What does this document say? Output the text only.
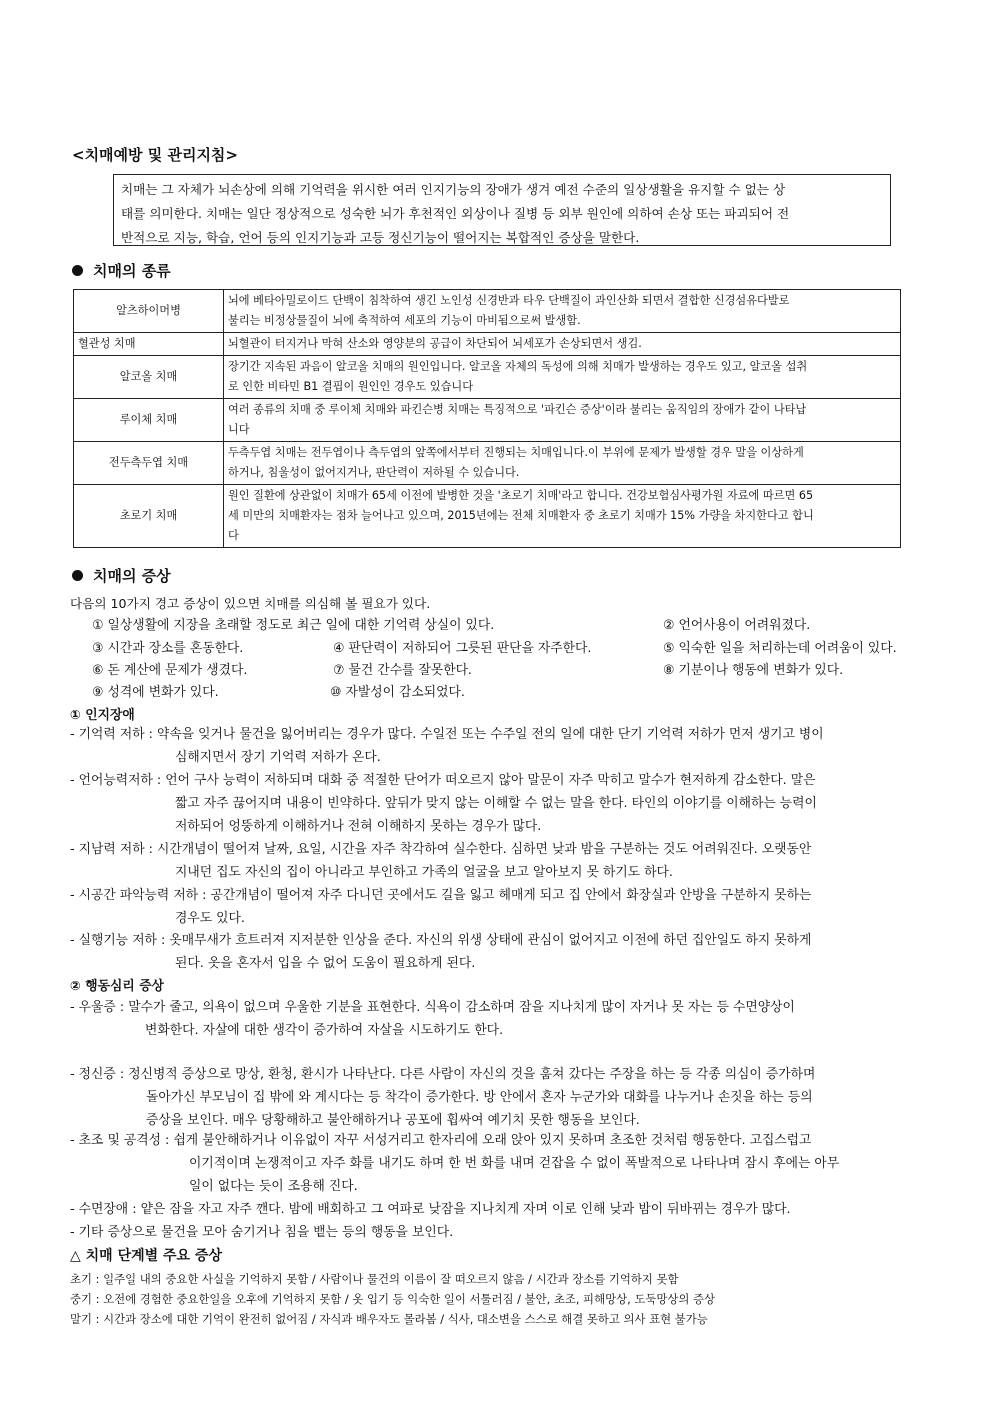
<치매예방 및 관리지침>
치매는 그 자체가 뇌손상에 의해 기억력을 위시한 여러 인지기능의 장애가 생겨 예전 수준의 일상생활을 유지할 수 없는 상
태를 의미한다. 치매는 일단 정상적으로 성숙한 뇌가 후천적인 외상이나 질병 등 외부 원인에 의하여 손상 또는 파괴되어 전
반적으로 지능, 학습, 언어 등의 인지기능과 고등 정신기능이 떨어지는 복합적인 증상을 말한다.
치매의 종류
알츠하이머병	뇌에 베타아밀로이드 단백이 침착하여 생긴 노인성 신경반과 타우 단백질이 과인산화 되면서 결합한 신경섬유다발로
불리는 비정상물질이 뇌에 축적하여 세포의 기능이 마비됨으로써 발생함.

혈관성 치매	뇌혈관이 터지거나 막혀 산소와 영양분의 공급이 차단되어 뇌세포가 손상되면서 생김.

알코올 치매	장기간 지속된 과음이 알코올 치매의 원인입니다. 알코올 자체의 독성에 의해 치매가 발생하는 경우도 있고, 알코올 섭취
로 인한 비타민 B1 결핍이 원인인 경우도 있습니다

루이체 치매	여러 종류의 치매 중 루이체 치매와 파킨슨병 치매는 특징적으로 '파킨슨 증상'이라 불리는 움직임의 장애가 같이 나타납
니다

전두측두엽 치매	두측두엽 치매는 전두엽이나 측두엽의 앞쪽에서부터 진행되는 치매입니다.이 부위에 문제가 발생할 경우 말을 이상하게
하거나, 침울성이 없어지거나, 판단력이 저하될 수 있습니다.

초로기 치매	원인 질환에 상관없이 치매가 65세 이전에 발병한 것을 '초로기 치매'라고 합니다. 건강보험심사평가원 자료에 따르면 65
세 미만의 치매환자는 점차 늘어나고 있으며, 2015년에는 전체 치매환자 중 초로기 치매가 15% 가량을 차지한다고 합니
다
치매의 증상
다음의 10가지 경고 증상이 있으면 치매를 의심해 볼 필요가 있다.
① 일상생활에 지장을 초래할 정도로 최근 일에 대한 기억력 상실이 있다.	② 언어사용이 어려워졌다.
③ 시간과 장소를 혼동한다.	④ 판단력이 저하되어 그릇된 판단을 자주한다.	⑤ 익숙한 일을 처리하는데 어려움이 있다.
⑥ 돈 계산에 문제가 생겼다.	⑦ 물건 간수를 잘못한다.	⑧ 기분이나 행동에 변화가 있다.
⑨ 성격에 변화가 있다.	⑩ 자발성이 감소되었다.
① 인지장애
- 기억력 저하 : 약속을 잊거나 물건을 잃어버리는 경우가 많다. 수일전 또는 수주일 전의 일에 대한 단기 기억력 저하가 먼저 생기고 병이
심해지면서 장기 기억력 저하가 온다.
- 언어능력저하 : 언어 구사 능력이 저하되며 대화 중 적절한 단어가 떠오르지 않아 말문이 자주 막히고 말수가 현저하게 감소한다. 말은
짧고 자주 끊어지며 내용이 빈약하다. 앞뒤가 맞지 않는 이해할 수 없는 말을 한다. 타인의 이야기를 이해하는 능력이
저하되어 엉뚱하게 이해하거나 전혀 이해하지 못하는 경우가 많다.
- 지남력 저하 : 시간개념이 떨어져 날짜, 요일, 시간을 자주 착각하여 실수한다. 심하면 낮과 밤을 구분하는 것도 어려워진다. 오랫동안
지내던 집도 자신의 집이 아니라고 부인하고 가족의 얼굴을 보고 알아보지 못 하기도 하다.
- 시공간 파악능력 저하 : 공간개념이 떨어져 자주 다니던 곳에서도 길을 잃고 헤매게 되고 집 안에서 화장실과 안방을 구분하지 못하는
경우도 있다.
- 실행기능 저하 : 옷매무새가 흐트러져 지저분한 인상을 준다. 자신의 위생 상태에 관심이 없어지고 이전에 하던 집안일도 하지 못하게
된다. 옷을 혼자서 입을 수 없어 도움이 필요하게 된다.
② 행동심리 증상
- 우울증 : 말수가 줄고, 의욕이 없으며 우울한 기분을 표현한다. 식욕이 감소하며 잠을 지나치게 많이 자거나 못 자는 등 수면양상이
변화한다. 자살에 대한 생각이 증가하여 자살을 시도하기도 한다.
- 정신증 : 정신병적 증상으로 망상, 환청, 환시가 나타난다. 다른 사람이 자신의 것을 훔쳐 갔다는 주장을 하는 등 각종 의심이 증가하며
돌아가신 부모님이 집 밖에 와 계시다는 등 착각이 증가한다. 방 안에서 혼자 누군가와 대화를 나누거나 손짓을 하는 등의
증상을 보인다. 매우 당황해하고 불안해하거나 공포에 휩싸여 예기치 못한 행동을 보인다.
- 초조 및 공격성 : 쉽게 불안해하거나 이유없이 자꾸 서성거리고 한자리에 오래 앉아 있지 못하며 초조한 것처럼 행동한다. 고집스럽고
이기적이며 논쟁적이고 자주 화를 내기도 하며 한 번 화를 내며 걷잡을 수 없이 폭발적으로 나타나며 잠시 후에는 아무
일이 없다는 듯이 조용해 진다.
- 수면장애 : 얕은 잠을 자고 자주 깬다. 밤에 배회하고 그 여파로 낮잠을 지나치게 자며 이로 인해 낮과 밤이 뒤바뀌는 경우가 많다.
- 기타 증상으로 물건을 모아 숨기거나 침을 뱉는 등의 행동을 보인다.
△ 치매 단계별 주요 증상
초기 : 일주일 내의 중요한 사실을 기억하지 못함 / 사람이나 물건의 이름이 잘 떠오르지 않음 / 시간과 장소를 기억하지 못함
중기 : 오전에 경험한 중요한일을 오후에 기억하지 못함 / 옷 입기 등 익숙한 일이 서툴러짐 / 불안, 초조, 피해망상, 도둑망상의 증상
말기 : 시간과 장소에 대한 기억이 완전히 없어짐 / 자식과 배우자도 몰라봄 / 식사, 대소변을 스스로 해결 못하고 의사 표현 불가능
